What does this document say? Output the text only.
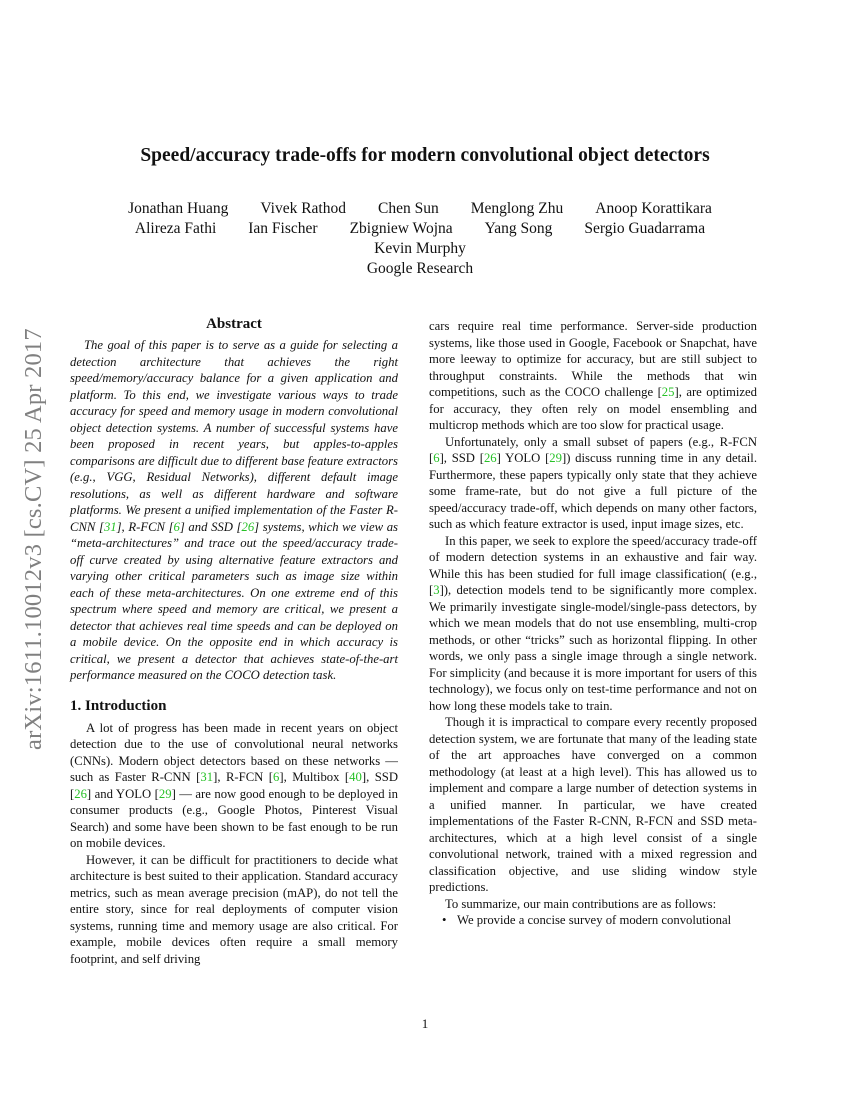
arXiv:1611.10012v3 [cs.CV] 25 Apr 2017
Speed/accuracy trade-offs for modern convolutional object detectors
Jonathan Huang Vivek Rathod Chen Sun Menglong Zhu Anoop Korattikara
Alireza Fathi Ian Fischer Zbigniew Wojna Yang Song Sergio Guadarrama
Kevin Murphy
Google Research

Abstract

The goal of this paper is to serve as a guide for selecting a detection architecture that achieves the right speed/memory/accuracy balance for a given application and platform. To this end, we investigate various ways to trade accuracy for speed and memory usage in modern convolutional object detection systems. A number of successful systems have been proposed in recent years, but apples-to-apples comparisons are difficult due to different base feature extractors (e.g., VGG, Residual Networks), different default image resolutions, as well as different hardware and software platforms. We present a unified implementation of the Faster R-CNN [31], R-FCN [6] and SSD [26] systems, which we view as “meta-architectures” and trace out the speed/accuracy trade-off curve created by using alternative feature extractors and varying other critical parameters such as image size within each of these meta-architectures. On one extreme end of this spectrum where speed and memory are critical, we present a detector that achieves real time speeds and can be deployed on a mobile device. On the opposite end in which accuracy is critical, we present a detector that achieves state-of-the-art performance measured on the COCO detection task.

1. Introduction

A lot of progress has been made in recent years on object detection due to the use of convolutional neural networks (CNNs). Modern object detectors based on these networks — such as Faster R-CNN [31], R-FCN [6], Multibox [40], SSD [26] and YOLO [29] — are now good enough to be deployed in consumer products (e.g., Google Photos, Pinterest Visual Search) and some have been shown to be fast enough to be run on mobile devices.

However, it can be difficult for practitioners to decide what architecture is best suited to their application. Standard accuracy metrics, such as mean average precision (mAP), do not tell the entire story, since for real deployments of computer vision systems, running time and memory usage are also critical. For example, mobile devices often require a small memory footprint, and self driving

cars require real time performance. Server-side production systems, like those used in Google, Facebook or Snapchat, have more leeway to optimize for accuracy, but are still subject to throughput constraints. While the methods that win competitions, such as the COCO challenge [25], are optimized for accuracy, they often rely on model ensembling and multicrop methods which are too slow for practical usage.

Unfortunately, only a small subset of papers (e.g., R-FCN [6], SSD [26] YOLO [29]) discuss running time in any detail. Furthermore, these papers typically only state that they achieve some frame-rate, but do not give a full picture of the speed/accuracy trade-off, which depends on many other factors, such as which feature extractor is used, input image sizes, etc.

In this paper, we seek to explore the speed/accuracy trade-off of modern detection systems in an exhaustive and fair way. While this has been studied for full image classification( (e.g., [3]), detection models tend to be significantly more complex. We primarily investigate single-model/single-pass detectors, by which we mean models that do not use ensembling, multi-crop methods, or other “tricks” such as horizontal flipping. In other words, we only pass a single image through a single network. For simplicity (and because it is more important for users of this technology), we focus only on test-time performance and not on how long these models take to train.

Though it is impractical to compare every recently proposed detection system, we are fortunate that many of the leading state of the art approaches have converged on a common methodology (at least at a high level). This has allowed us to implement and compare a large number of detection systems in a unified manner. In particular, we have created implementations of the Faster R-CNN, R-FCN and SSD meta-architectures, which at a high level consist of a single convolutional network, trained with a mixed regression and classification objective, and use sliding window style predictions.

To summarize, our main contributions are as follows:

• We provide a concise survey of modern convolutional

1
